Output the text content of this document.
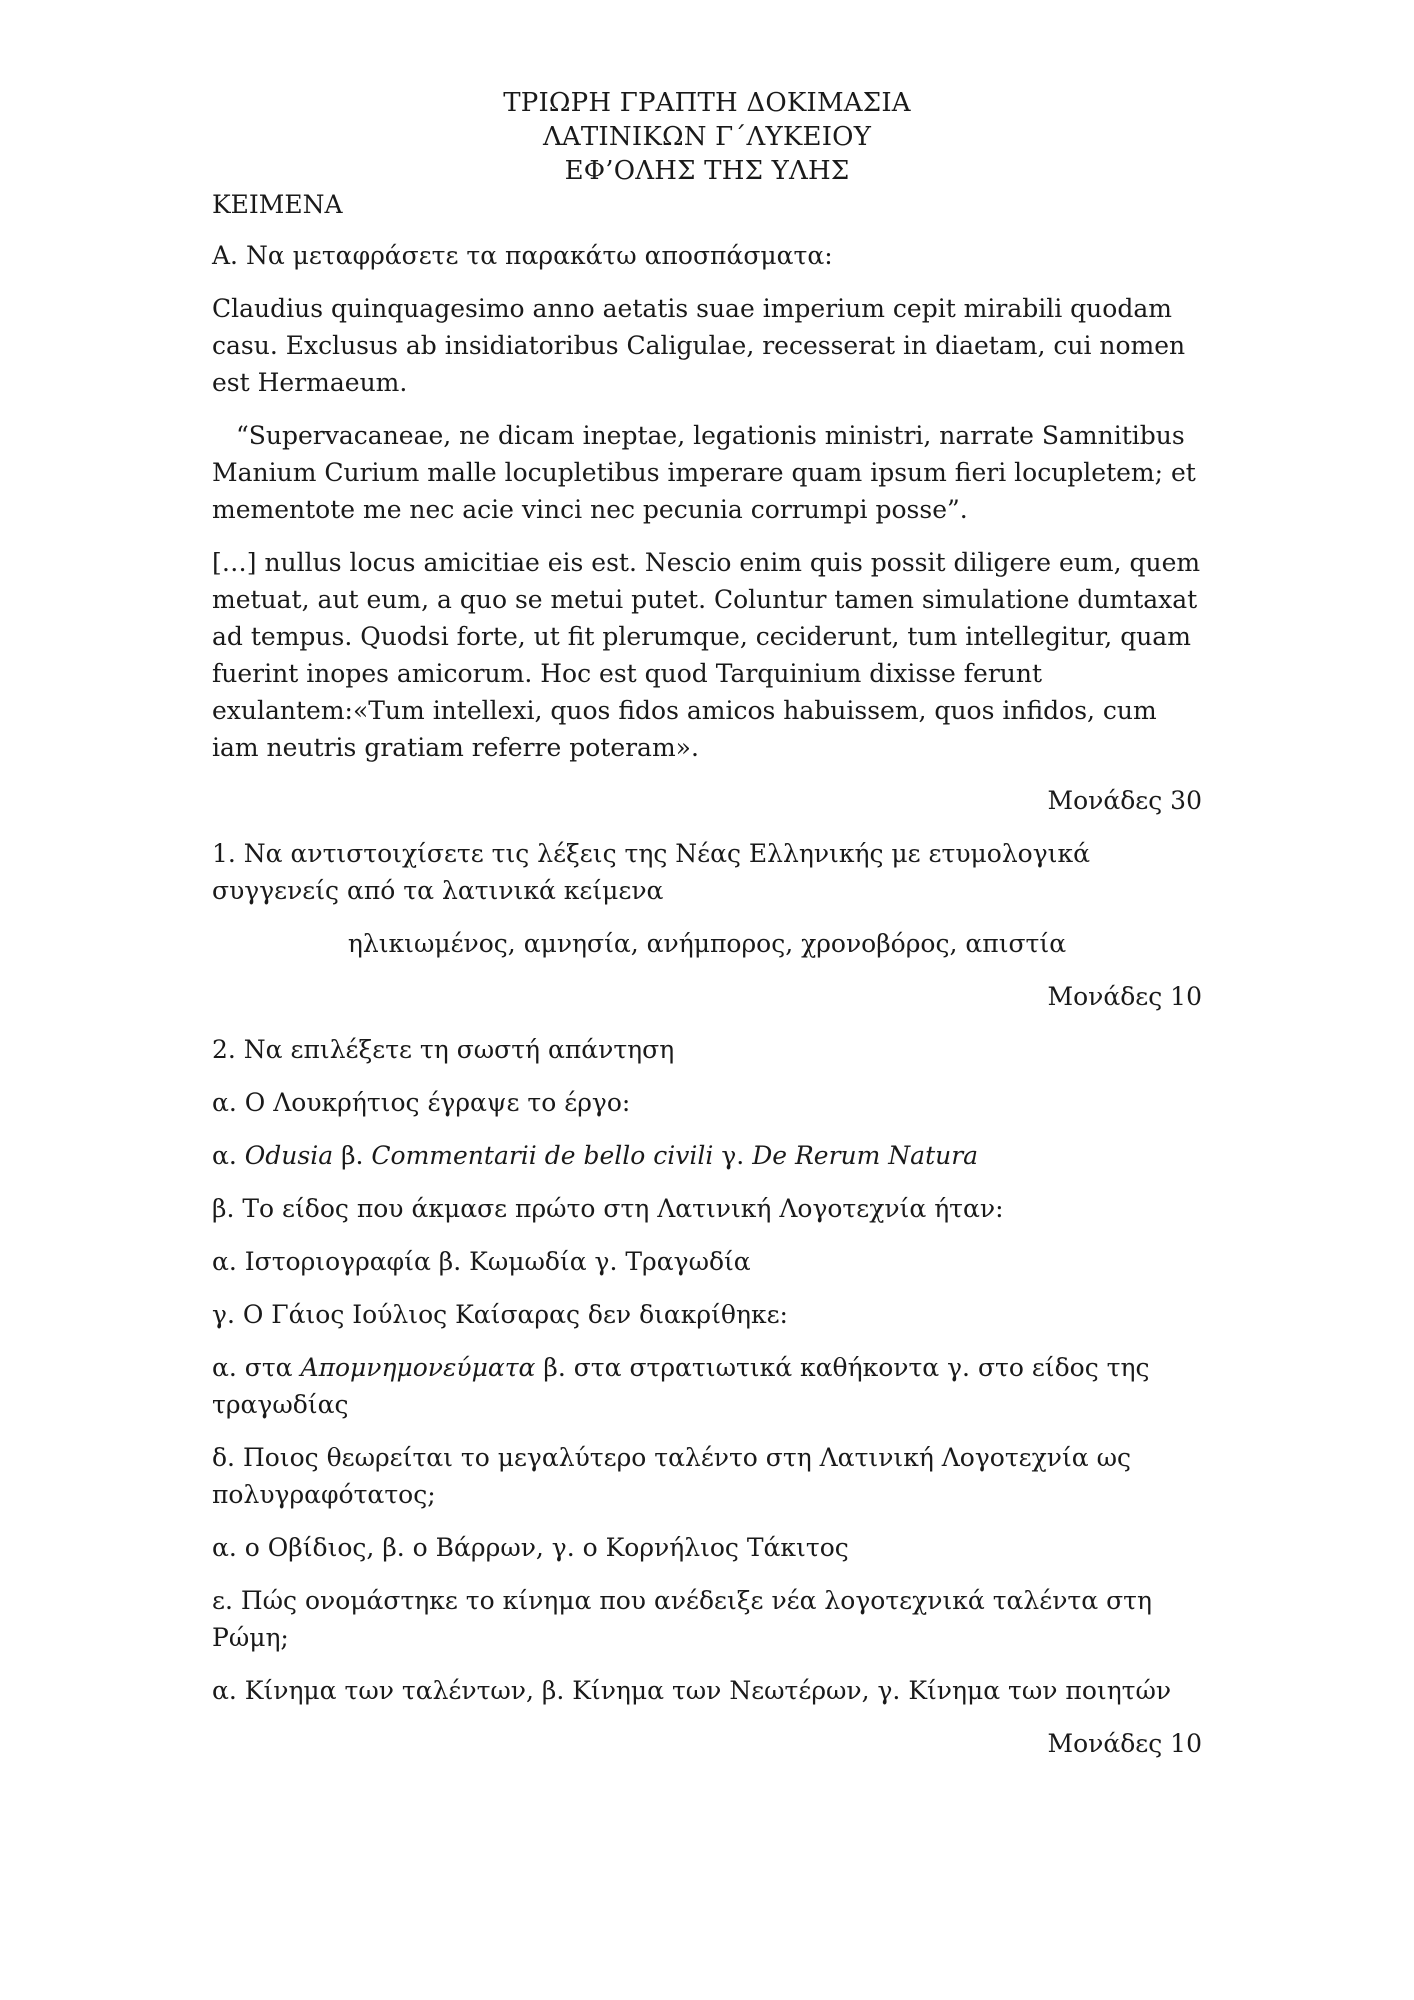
ΤΡΙΩΡΗ ΓΡΑΠΤΗ ΔΟΚΙΜΑΣΙΑ
ΛΑΤΙΝΙΚΩΝ Γ΄ΛΥΚΕΙΟΥ
ΕΦ’ΟΛΗΣ ΤΗΣ ΥΛΗΣ

ΚΕΙΜΕΝΑ

Α. Να μεταφράσετε τα παρακάτω αποσπάσματα:

Claudius quinquagesimo anno aetatis suae imperium cepit mirabili quodam casu. Exclusus ab insidiatoribus Caligulae, recesserat in diaetam, cui nomen est Hermaeum.

“Supervacaneae, ne dicam ineptae, legationis ministri, narrate Samnitibus Manium Curium malle locupletibus imperare quam ipsum fieri locupletem; et mementote me nec acie vinci nec pecunia corrumpi posse”.

[…] nullus locus amicitiae eis est. Nescio enim quis possit diligere eum, quem metuat, aut eum, a quo se metui putet. Coluntur tamen simulatione dumtaxat ad tempus. Quodsi forte, ut fit plerumque, ceciderunt, tum intellegitur, quam fuerint inopes amicorum. Hoc est quod Tarquinium dixisse ferunt exulantem:«Tum intellexi, quos fidos amicos habuissem, quos infidos, cum iam neutris gratiam referre poteram».

Μονάδες 30

1. Να αντιστοιχίσετε τις λέξεις της Νέας Ελληνικής με ετυμολογικά συγγενείς από τα λατινικά κείμενα

ηλικιωμένος, αμνησία, ανήμπορος, χρονοβόρος, απιστία

Μονάδες 10

2. Να επιλέξετε τη σωστή απάντηση

α. Ο Λουκρήτιος έγραψε το έργο:

α. Odusia β. Commentarii de bello civili γ. De Rerum Natura

β. Το είδος που άκμασε πρώτο στη Λατινική Λογοτεχνία ήταν:

α. Ιστοριογραφία β. Κωμωδία γ. Τραγωδία

γ. Ο Γάιος Ιούλιος Καίσαρας δεν διακρίθηκε:

α. στα Απομνημονεύματα β. στα στρατιωτικά καθήκοντα γ. στο είδος της τραγωδίας

δ. Ποιος θεωρείται το μεγαλύτερο ταλέντο στη Λατινική Λογοτεχνία ως πολυγραφότατος;

α. ο Οβίδιος, β. ο Βάρρων, γ. ο Κορνήλιος Τάκιτος

ε. Πώς ονομάστηκε το κίνημα που ανέδειξε νέα λογοτεχνικά ταλέντα στη Ρώμη;

α. Κίνημα των ταλέντων, β. Κίνημα των Νεωτέρων, γ. Κίνημα των ποιητών

Μονάδες 10
